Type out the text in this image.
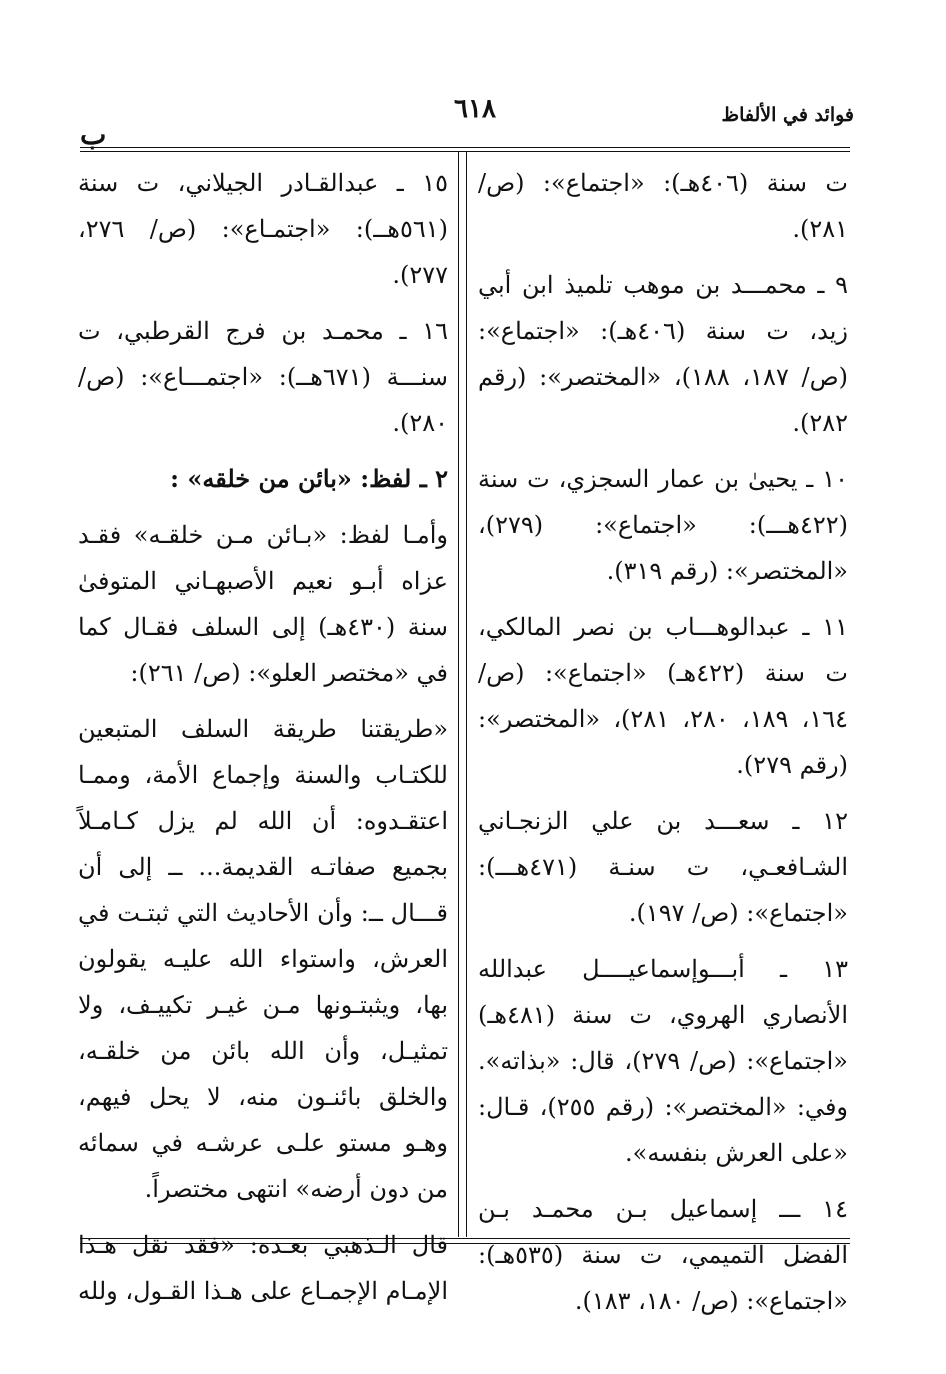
فوائد في الألفاظ
٦١٨
ب

ت سنة (٤٠٦هـ): «اجتماع»: (ص/ ٢٨١).

٩ ـ محمـــد بن موهب تلميذ ابن أبي زيد، ت سنة (٤٠٦هـ): «اجتماع»: (ص/ ١٨٧، ١٨٨)، «المختصر»: (رقم ٢٨٢).

١٠ ـ يحيىٰ بن عمار السجزي، ت سنة (٤٢٢هـــ): «اجتماع»: (٢٧٩)، «المختصر»: (رقم ٣١٩).

١١ ـ عبدالوهـــاب بن نصر المالكي، ت سنة (٤٢٢هـ) «اجتماع»: (ص/ ١٦٤، ١٨٩، ٢٨٠، ٢٨١)، «المختصر»: (رقم ٢٧٩).

١٢ ـ سعـــد بن علي الزنجـاني الشـافعـي، ت سنـة (٤٧١هـــ): «اجتماع»: (ص/ ١٩٧).

١٣ ـ أبـــوإسماعيــــل عبدالله الأنصاري الهروي، ت سنة (٤٨١هـ) «اجتماع»: (ص/ ٢٧٩)، قال: «بذاته». وفي: «المختصر»: (رقم ٢٥٥)، قـال: «على العرش بنفسه».

١٤ ـــ إسماعيل بـن محمـد بـن الفضل التميمي، ت سنة (٥٣٥هـ): «اجتماع»: (ص/ ١٨٠، ١٨٣).

١٥ ـ عبدالقـادر الجيلاني، ت سنة (٥٦١هــ): «اجتمـاع»: (ص/ ٢٧٦، ٢٧٧).

١٦ ـ محمـد بن فرج القرطبي، ت سنـــة (٦٧١هــ): «اجتمـــاع»: (ص/ ٢٨٠).

٢ ـ لفظ: «بائن من خلقه» :

وأمـا لفظ: «بـائن مـن خلقـه» فقـد عزاه أبـو نعيم الأصبهـاني المتوفىٰ سنة (٤٣٠هـ) إلى السلف فقـال كما في «مختصر العلو»: (ص/ ٢٦١):

«طريقتنا طريقة السلف المتبعين للكتـاب والسنة وإجماع الأمة، وممـا اعتقـدوه: أن الله لم يزل كـامـلاً بجميع صفاتـه القديمة... ــ إلى أن قـــال ــ: وأن الأحاديث التي ثبتـت في العرش، واستواء الله عليـه يقولون بها، ويثبتـونها مـن غيـر تكييـف، ولا تمثيـل، وأن الله بائن من خلقـه، والخلق بائنـون منه، لا يحل فيهم، وهـو مستو علـى عرشـه في سمائه من دون أرضه» انتهى مختصراً.

قال الـذهبي بعـده: «فقد نقل هـذا الإمـام الإجمـاع على هـذا القـول، ولله
